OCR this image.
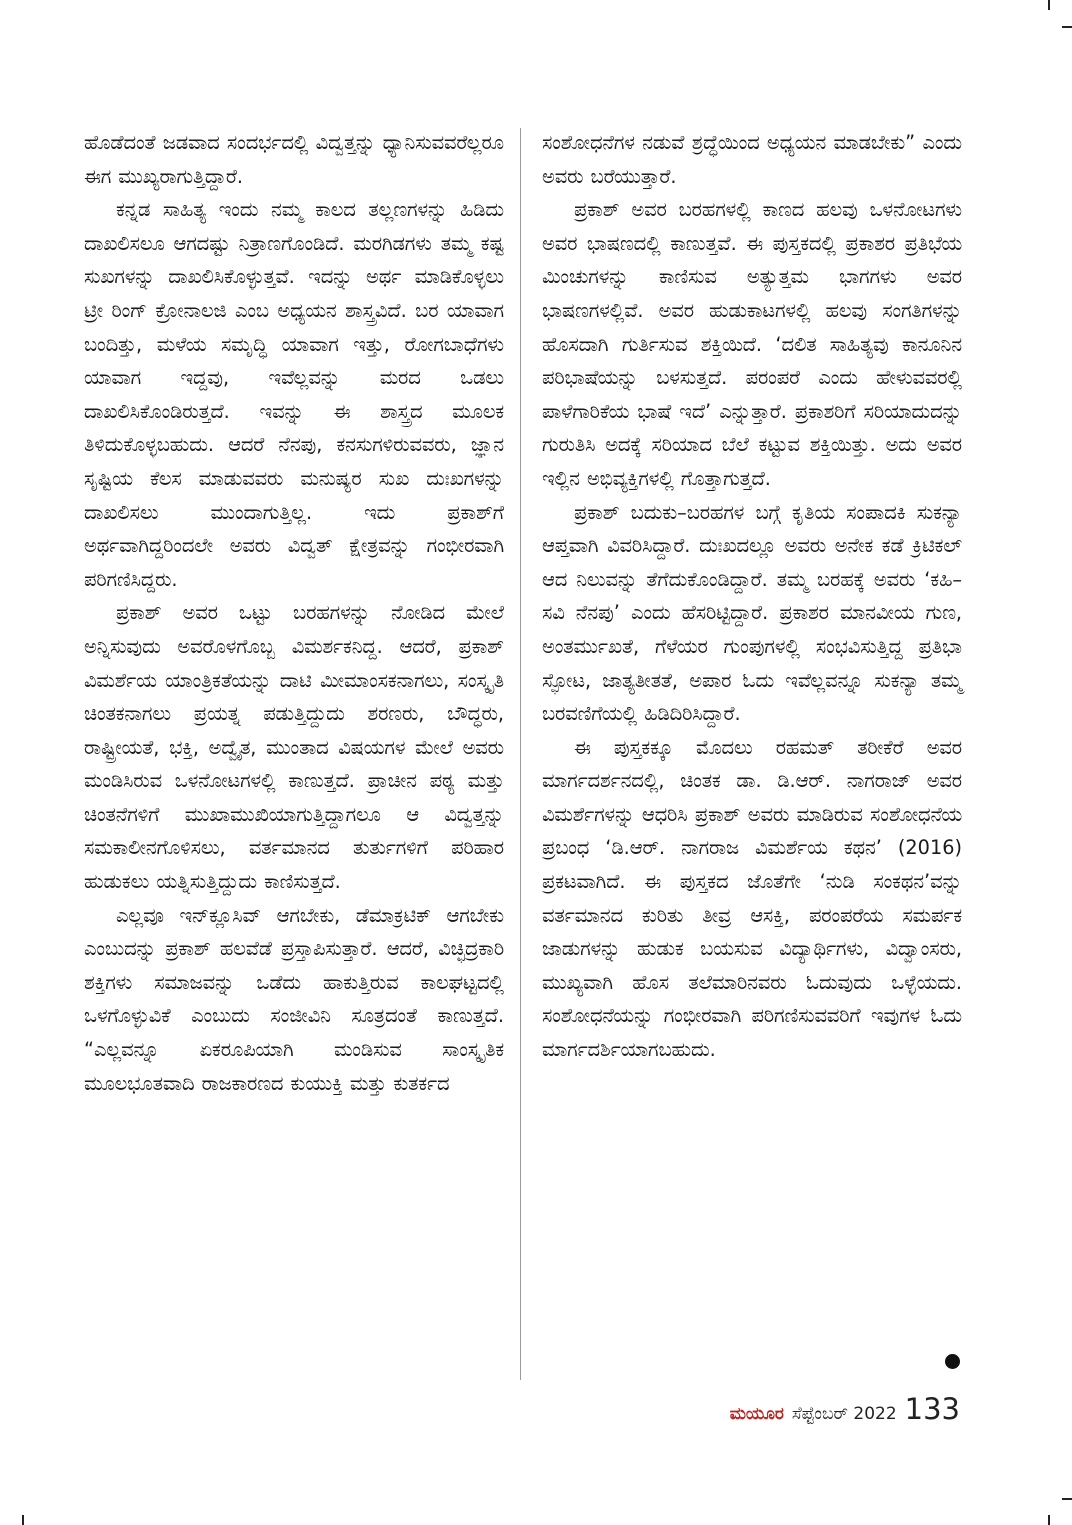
ಹೊಡೆದಂತೆ ಜಡವಾದ ಸಂದರ್ಭದಲ್ಲಿ ವಿದ್ವತ್ತನ್ನು ಧ್ಯಾನಿಸುವವರೆಲ್ಲರೂ ಈಗ ಮುಖ್ಯರಾಗುತ್ತಿದ್ದಾರೆ.

ಕನ್ನಡ ಸಾಹಿತ್ಯ ಇಂದು ನಮ್ಮ ಕಾಲದ ತಲ್ಲಣಗಳನ್ನು ಹಿಡಿದು ದಾಖಲಿಸಲೂ ಆಗದಷ್ಟು ನಿತ್ರಾಣಗೊಂಡಿದೆ. ಮರಗಿಡಗಳು ತಮ್ಮ ಕಷ್ಟ ಸುಖಗಳನ್ನು ದಾಖಲಿಸಿಕೊಳ್ಳುತ್ತವೆ. ಇದನ್ನು ಅರ್ಥ ಮಾಡಿಕೊಳ್ಳಲು ಟ್ರೀ ರಿಂಗ್ ಕ್ರೋನಾಲಜಿ ಎಂಬ ಅಧ್ಯಯನ ಶಾಸ್ತ್ರವಿದೆ. ಬರ ಯಾವಾಗ ಬಂದಿತ್ತು, ಮಳೆಯ ಸಮೃದ್ಧಿ ಯಾವಾಗ ಇತ್ತು, ರೋಗಬಾಧೆಗಳು ಯಾವಾಗ ಇದ್ದವು, ಇವೆಲ್ಲವನ್ನು ಮರದ ಒಡಲು ದಾಖಲಿಸಿಕೊಂಡಿರುತ್ತದೆ. ಇವನ್ನು ಈ ಶಾಸ್ತ್ರದ ಮೂಲಕ ತಿಳಿದುಕೊಳ್ಳಬಹುದು. ಆದರೆ ನೆನಪು, ಕನಸುಗಳಿರುವವರು, ಜ್ಞಾನ ಸೃಷ್ಟಿಯ ಕೆಲಸ ಮಾಡುವವರು ಮನುಷ್ಯರ ಸುಖ ದುಃಖಗಳನ್ನು ದಾಖಲಿಸಲು ಮುಂದಾಗುತ್ತಿಲ್ಲ. ಇದು ಪ್ರಕಾಶ್‌ಗೆ ಅರ್ಥವಾಗಿದ್ದರಿಂದಲೇ ಅವರು ವಿದ್ವತ್ ಕ್ಷೇತ್ರವನ್ನು ಗಂಭೀರವಾಗಿ ಪರಿಗಣಿಸಿದ್ದರು.

ಪ್ರಕಾಶ್ ಅವರ ಒಟ್ಟು ಬರಹಗಳನ್ನು ನೋಡಿದ ಮೇಲೆ ಅನ್ನಿಸುವುದು ಅವರೊಳಗೊಬ್ಬ ವಿಮರ್ಶಕನಿದ್ದ. ಆದರೆ, ಪ್ರಕಾಶ್ ವಿಮರ್ಶೆಯ ಯಾಂತ್ರಿಕತೆಯನ್ನು ದಾಟಿ ಮೀಮಾಂಸಕನಾಗಲು, ಸಂಸ್ಕೃತಿ ಚಿಂತಕನಾಗಲು ಪ್ರಯತ್ನ ಪಡುತ್ತಿದ್ದುದು ಶರಣರು, ಬೌದ್ಧರು, ರಾಷ್ಟ್ರೀಯತೆ, ಭಕ್ತಿ, ಅದ್ವೈತ, ಮುಂತಾದ ವಿಷಯಗಳ ಮೇಲೆ ಅವರು ಮಂಡಿಸಿರುವ ಒಳನೋಟಗಳಲ್ಲಿ ಕಾಣುತ್ತದೆ. ಪ್ರಾಚೀನ ಪಠ್ಯ ಮತ್ತು ಚಿಂತನೆಗಳಿಗೆ ಮುಖಾಮುಖಿಯಾಗುತ್ತಿದ್ದಾಗಲೂ ಆ ವಿದ್ವತ್ತನ್ನು ಸಮಕಾಲೀನಗೊಳಿಸಲು, ವರ್ತಮಾನದ ತುರ್ತುಗಳಿಗೆ ಪರಿಹಾರ ಹುಡುಕಲು ಯತ್ನಿಸುತ್ತಿದ್ದುದು ಕಾಣಿಸುತ್ತದೆ.

ಎಲ್ಲವೂ ಇನ್‌ಕ್ಲೂಸಿವ್ ಆಗಬೇಕು, ಡೆಮಾಕ್ರಟಿಕ್ ಆಗಬೇಕು ಎಂಬುದನ್ನು ಪ್ರಕಾಶ್ ಹಲವೆಡೆ ಪ್ರಸ್ತಾಪಿಸುತ್ತಾರೆ. ಆದರೆ, ವಿಚ್ಛಿದ್ರಕಾರಿ ಶಕ್ತಿಗಳು ಸಮಾಜವನ್ನು ಒಡೆದು ಹಾಕುತ್ತಿರುವ ಕಾಲಘಟ್ಟದಲ್ಲಿ ಒಳಗೊಳ್ಳುವಿಕೆ ಎಂಬುದು ಸಂಜೀವಿನಿ ಸೂತ್ರದಂತೆ ಕಾಣುತ್ತದೆ. “ಎಲ್ಲವನ್ನೂ ಏಕರೂಪಿಯಾಗಿ ಮಂಡಿಸುವ ಸಾಂಸ್ಕೃತಿಕ ಮೂಲಭೂತವಾದಿ ರಾಜಕಾರಣದ ಕುಯುಕ್ತಿ ಮತ್ತು ಕುತರ್ಕದ

ಸಂಶೋಧನೆಗಳ ನಡುವೆ ಶ್ರದ್ಧೆಯಿಂದ ಅಧ್ಯಯನ ಮಾಡಬೇಕು” ಎಂದು ಅವರು ಬರೆಯುತ್ತಾರೆ.

ಪ್ರಕಾಶ್ ಅವರ ಬರಹಗಳಲ್ಲಿ ಕಾಣದ ಹಲವು ಒಳನೋಟಗಳು ಅವರ ಭಾಷಣದಲ್ಲಿ ಕಾಣುತ್ತವೆ. ಈ ಪುಸ್ತಕದಲ್ಲಿ ಪ್ರಕಾಶರ ಪ್ರತಿಭೆಯ ಮಿಂಚುಗಳನ್ನು ಕಾಣಿಸುವ ಅತ್ಯುತ್ತಮ ಭಾಗಗಳು ಅವರ ಭಾಷಣಗಳಲ್ಲಿವೆ. ಅವರ ಹುಡುಕಾಟಗಳಲ್ಲಿ ಹಲವು ಸಂಗತಿಗಳನ್ನು ಹೊಸದಾಗಿ ಗುರ್ತಿಸುವ ಶಕ್ತಿಯಿದೆ. ‘ದಲಿತ ಸಾಹಿತ್ಯವು ಕಾನೂನಿನ ಪರಿಭಾಷೆಯನ್ನು ಬಳಸುತ್ತದೆ. ಪರಂಪರೆ ಎಂದು ಹೇಳುವವರಲ್ಲಿ ಪಾಳೆಗಾರಿಕೆಯ ಭಾಷೆ ಇದೆ’ ಎನ್ನುತ್ತಾರೆ. ಪ್ರಕಾಶರಿಗೆ ಸರಿಯಾದುದನ್ನು ಗುರುತಿಸಿ ಅದಕ್ಕೆ ಸರಿಯಾದ ಬೆಲೆ ಕಟ್ಟುವ ಶಕ್ತಿಯಿತ್ತು. ಅದು ಅವರ ಇಲ್ಲಿನ ಅಭಿವ್ಯಕ್ತಿಗಳಲ್ಲಿ ಗೊತ್ತಾಗುತ್ತದೆ.

ಪ್ರಕಾಶ್ ಬದುಕು–ಬರಹಗಳ ಬಗ್ಗೆ ಕೃತಿಯ ಸಂಪಾದಕಿ ಸುಕನ್ಯಾ ಆಪ್ತವಾಗಿ ವಿವರಿಸಿದ್ದಾರೆ. ದುಃಖದಲ್ಲೂ ಅವರು ಅನೇಕ ಕಡೆ ಕ್ರಿಟಿಕಲ್ ಆದ ನಿಲುವನ್ನು ತೆಗೆದುಕೊಂಡಿದ್ದಾರೆ. ತಮ್ಮ ಬರಹಕ್ಕೆ ಅವರು ‘ಕಹಿ–ಸವಿ ನೆನಪು’ ಎಂದು ಹೆಸರಿಟ್ಟಿದ್ದಾರೆ. ಪ್ರಕಾಶರ ಮಾನವೀಯ ಗುಣ, ಅಂತರ್ಮುಖತೆ, ಗೆಳೆಯರ ಗುಂಪುಗಳಲ್ಲಿ ಸಂಭವಿಸುತ್ತಿದ್ದ ಪ್ರತಿಭಾ ಸ್ಫೋಟ, ಜಾತ್ಯತೀತತೆ, ಅಪಾರ ಓದು ಇವೆಲ್ಲವನ್ನೂ ಸುಕನ್ಯಾ ತಮ್ಮ ಬರವಣಿಗೆಯಲ್ಲಿ ಹಿಡಿದಿರಿಸಿದ್ದಾರೆ.

ಈ ಪುಸ್ತಕಕ್ಕೂ ಮೊದಲು ರಹಮತ್ ತರೀಕೆರೆ ಅವರ ಮಾರ್ಗದರ್ಶನದಲ್ಲಿ, ಚಿಂತಕ ಡಾ. ಡಿ.ಆರ್. ನಾಗರಾಜ್ ಅವರ ವಿಮರ್ಶೆಗಳನ್ನು ಆಧರಿಸಿ ಪ್ರಕಾಶ್ ಅವರು ಮಾಡಿರುವ ಸಂಶೋಧನೆಯ ಪ್ರಬಂಧ ‘ಡಿ.ಆರ್. ನಾಗರಾಜ ವಿಮರ್ಶೆಯ ಕಥನ’ (2016) ಪ್ರಕಟವಾಗಿದೆ. ಈ ಪುಸ್ತಕದ ಜೊತೆಗೇ ‘ನುಡಿ ಸಂಕಥನ’ವನ್ನು ವರ್ತಮಾನದ ಕುರಿತು ತೀವ್ರ ಆಸಕ್ತಿ, ಪರಂಪರೆಯ ಸಮರ್ಪಕ ಜಾಡುಗಳನ್ನು ಹುಡುಕ ಬಯಸುವ ವಿದ್ಯಾರ್ಥಿಗಳು, ವಿದ್ವಾಂಸರು, ಮುಖ್ಯವಾಗಿ ಹೊಸ ತಲೆಮಾರಿನವರು ಓದುವುದು ಒಳ್ಳೆಯದು. ಸಂಶೋಧನೆಯನ್ನು ಗಂಭೀರವಾಗಿ ಪರಿಗಣಿಸುವವರಿಗೆ ಇವುಗಳ ಓದು ಮಾರ್ಗದರ್ಶಿಯಾಗಬಹುದು.

ಮಯೂರ ಸೆಪ್ಟೆಂಬರ್ 2022 133
